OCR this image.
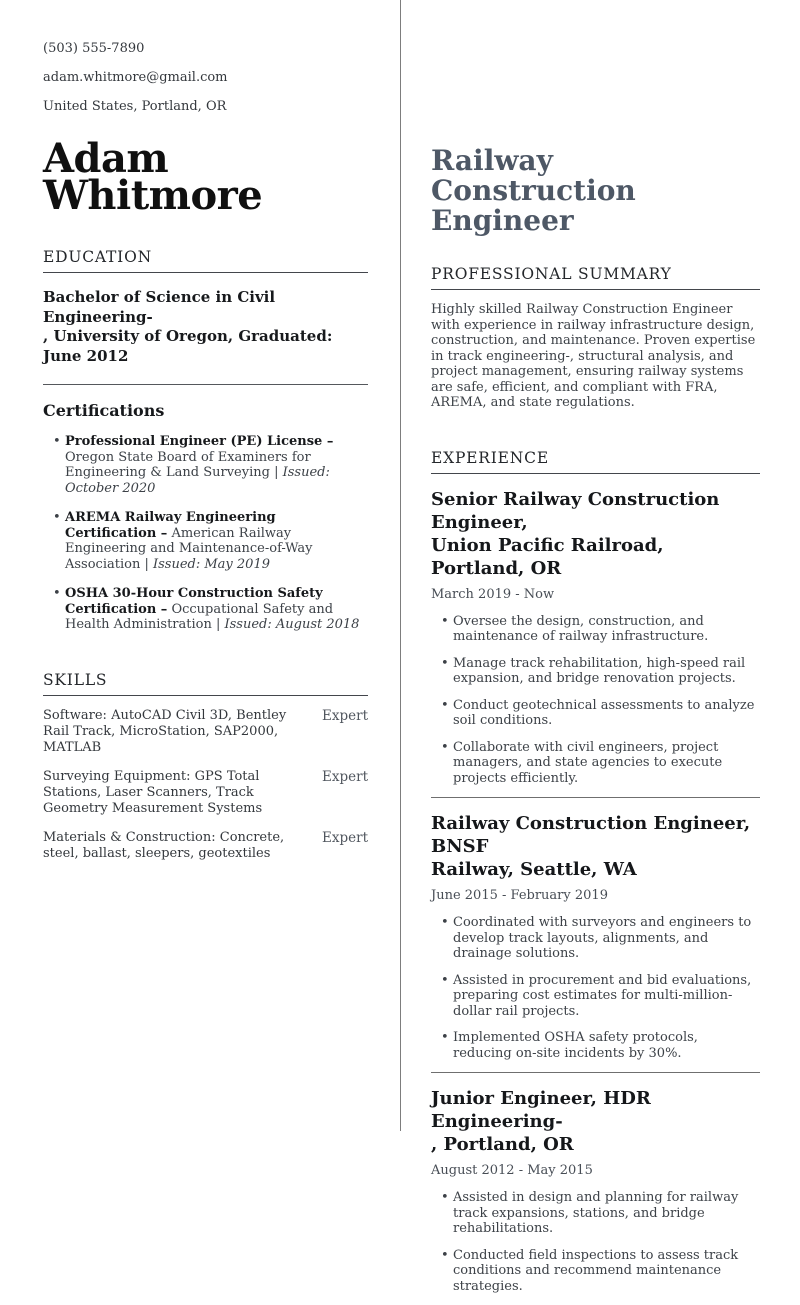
(503) 555-7890
adam.whitmore@gmail.com
United States, Portland, OR
Adam
Whitmore
EDUCATION
Bachelor of Science in Civil Engineering-
, University of Oregon, Graduated: June 2012
Certifications
• Professional Engineer (PE) License – Oregon State Board of Examiners for Engineering & Land Surveying | Issued: October 2020
• AREMA Railway Engineering Certification – American Railway Engineering and Maintenance-of-Way Association | Issued: May 2019
• OSHA 30-Hour Construction Safety Certification – Occupational Safety and Health Administration | Issued: August 2018
SKILLS
Software: AutoCAD Civil 3D, Bentley Rail Track, MicroStation, SAP2000, MATLAB
Expert
Surveying Equipment: GPS Total Stations, Laser Scanners, Track Geometry Measurement Systems
Expert
Materials & Construction: Concrete, steel, ballast, sleepers, geotextiles
Expert
Railway Construction Engineer
PROFESSIONAL SUMMARY

Highly skilled Railway Construction Engineer with experience in railway infrastructure design, construction, and maintenance. Proven expertise in track engineering-, structural analysis, and project management, ensuring railway systems are safe, efficient, and compliant with FRA, AREMA, and state regulations.

EXPERIENCE
Senior Railway Construction Engineer,
Union Pacific Railroad, Portland, OR
March 2019 - Now
• Oversee the design, construction, and maintenance of railway infrastructure.
• Manage track rehabilitation, high-speed rail expansion, and bridge renovation projects.
• Conduct geotechnical assessments to analyze soil conditions.
• Collaborate with civil engineers, project managers, and state agencies to execute projects efficiently.
Railway Construction Engineer, BNSF
Railway, Seattle, WA
June 2015 - February 2019
• Coordinated with surveyors and engineers to develop track layouts, alignments, and drainage solutions.
• Assisted in procurement and bid evaluations, preparing cost estimates for multi-million-dollar rail projects.
• Implemented OSHA safety protocols, reducing on-site incidents by 30%.
Junior Engineer, HDR Engineering-
, Portland, OR
August 2012 - May 2015
• Assisted in design and planning for railway track expansions, stations, and bridge rehabilitations.
• Conducted field inspections to assess track conditions and recommend maintenance strategies.
